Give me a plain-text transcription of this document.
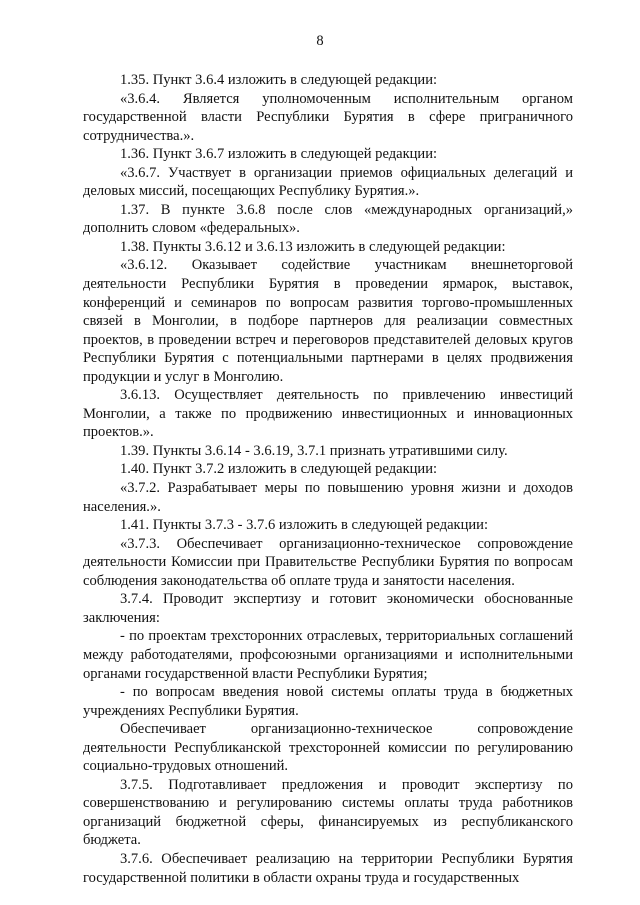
8

1.35. Пункт 3.6.4 изложить в следующей редакции:

«3.6.4. Является уполномоченным исполнительным органом государственной власти Республики Бурятия в сфере приграничного сотрудничества.».

1.36. Пункт 3.6.7 изложить в следующей редакции:

«3.6.7. Участвует в организации приемов официальных делегаций и деловых миссий, посещающих Республику Бурятия.».

1.37. В пункте 3.6.8 после слов «международных организаций,» дополнить словом «федеральных».

1.38. Пункты 3.6.12 и 3.6.13 изложить в следующей редакции:

«3.6.12. Оказывает содействие участникам внешнеторговой деятельности Республики Бурятия в проведении ярмарок, выставок, конференций и семинаров по вопросам развития торгово-промышленных связей в Монголии, в подборе партнеров для реализации совместных проектов, в проведении встреч и переговоров представителей деловых кругов Республики Бурятия с потенциальными партнерами в целях продвижения продукции и услуг в Монголию.

3.6.13. Осуществляет деятельность по привлечению инвестиций Монголии, а также по продвижению инвестиционных и инновационных проектов.».

1.39. Пункты 3.6.14 - 3.6.19, 3.7.1 признать утратившими силу.

1.40. Пункт 3.7.2 изложить в следующей редакции:

«3.7.2. Разрабатывает меры по повышению уровня жизни и доходов населения.».

1.41. Пункты 3.7.3 - 3.7.6 изложить в следующей редакции:

«3.7.3. Обеспечивает организационно-техническое сопровождение деятельности Комиссии при Правительстве Республики Бурятия по вопросам соблюдения законодательства об оплате труда и занятости населения.

3.7.4. Проводит экспертизу и готовит экономически обоснованные заключения:

- по проектам трехсторонних отраслевых, территориальных соглашений между работодателями, профсоюзными организациями и исполнительными органами государственной власти Республики Бурятия;

- по вопросам введения новой системы оплаты труда в бюджетных учреждениях Республики Бурятия.

Обеспечивает организационно-техническое сопровождение деятельности Республиканской трехсторонней комиссии по регулированию социально-трудовых отношений.

3.7.5. Подготавливает предложения и проводит экспертизу по совершенствованию и регулированию системы оплаты труда работников организаций бюджетной сферы, финансируемых из республиканского бюджета.

3.7.6. Обеспечивает реализацию на территории Республики Бурятия государственной политики в области охраны труда и государственных
